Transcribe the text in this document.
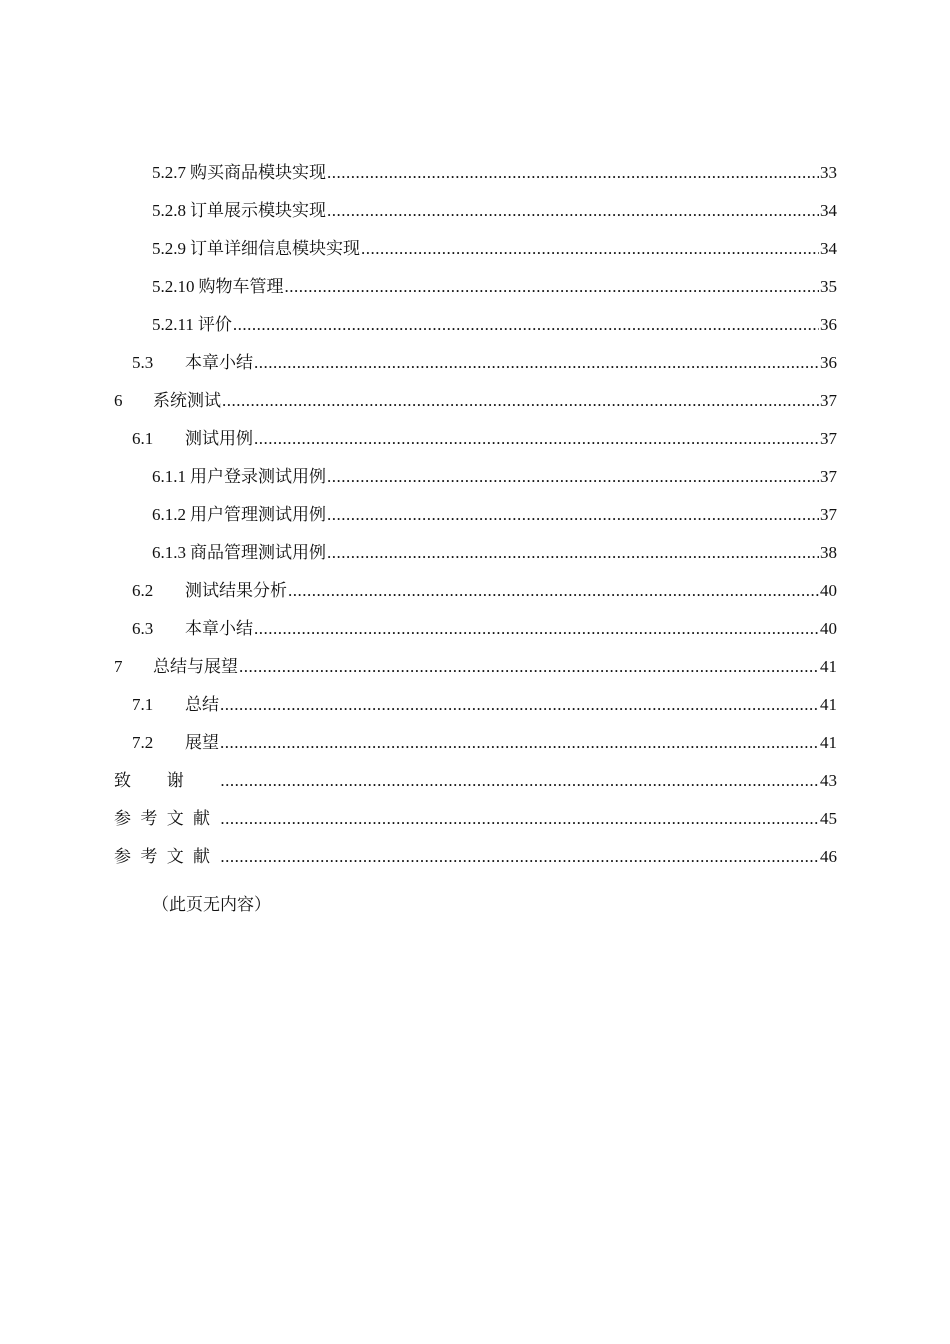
5.2.7 购买商品模块实现 .....	33
5.2.8 订单展示模块实现 .....	34
5.2.9 订单详细信息模块实现 .....	34
5.2.10 购物车管理 .....	35
5.2.11 评价 .....	36
5.3	本章小结 .....	36
6	系统测试 .....	37
6.1	测试用例 .....	37
6.1.1 用户登录测试用例 .....	37
6.1.2 用户管理测试用例 .....	37
6.1.3 商品管理测试用例 .....	38
6.2	测试结果分析 .....	40
6.3	本章小结 .....	40
7	总结与展望 .....	41
7.1	总结 .....	41
7.2	展望 .....	41
致谢 .....	43
参考文献 .....	45
参考文献 .....	46
（此页无内容）
